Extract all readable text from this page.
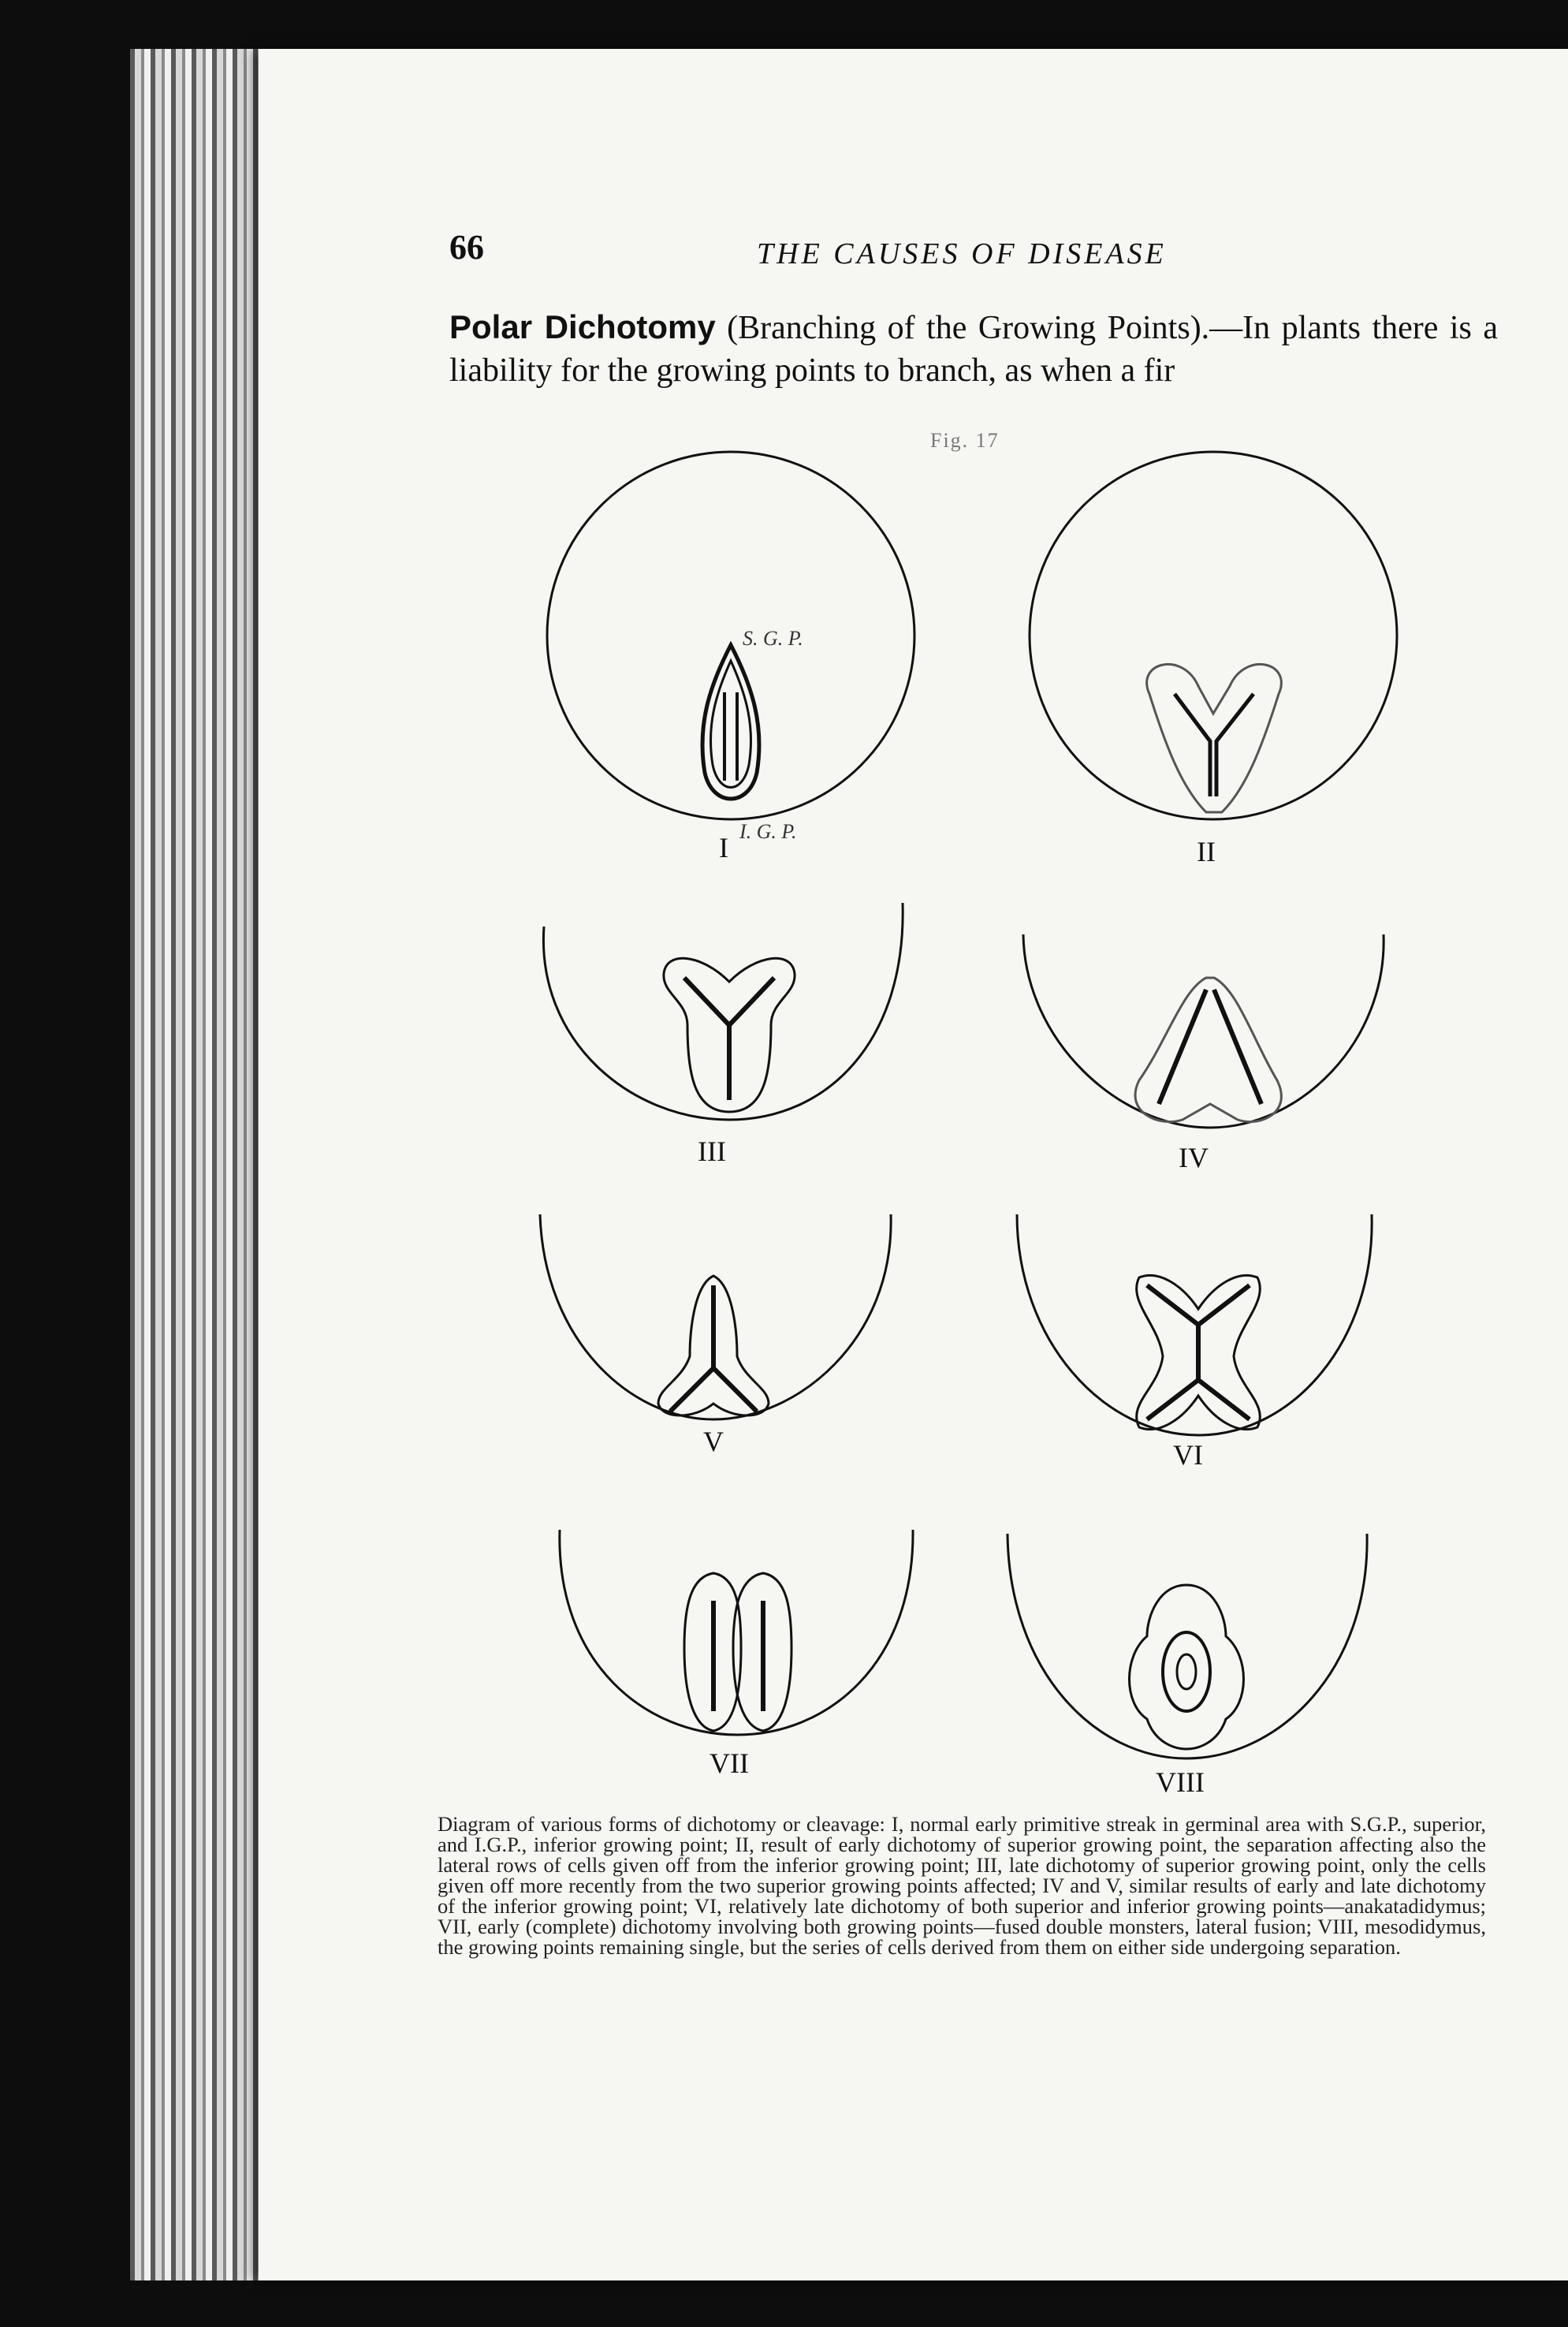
66	THE CAUSES OF DISEASE
Polar Dichotomy (Branching of the Growing Points).—In plants there is a liability for the growing points to branch, as when a fir
Fig. 17
S. G. P.
I. G. P.
I	II
III	IV
V	VI
VII
VIII
Diagram of various forms of dichotomy or cleavage: I, normal early primitive streak in germinal area with S.G.P., superior, and I.G.P., inferior growing point; II, result of early dichotomy of superior growing point, the separation affecting also the lateral rows of cells given off from the inferior growing point; III, late dichotomy of superior growing point, only the cells given off more recently from the two superior growing points affected; IV and V, similar results of early and late dichotomy of the inferior growing point; VI, relatively late dichotomy of both superior and inferior growing points—anakatadidymus; VII, early (complete) dichotomy involving both growing points—fused double monsters, lateral fusion; VIII, mesodidymus, the growing points remaining single, but the series of cells derived from them on either side undergoing separation.
